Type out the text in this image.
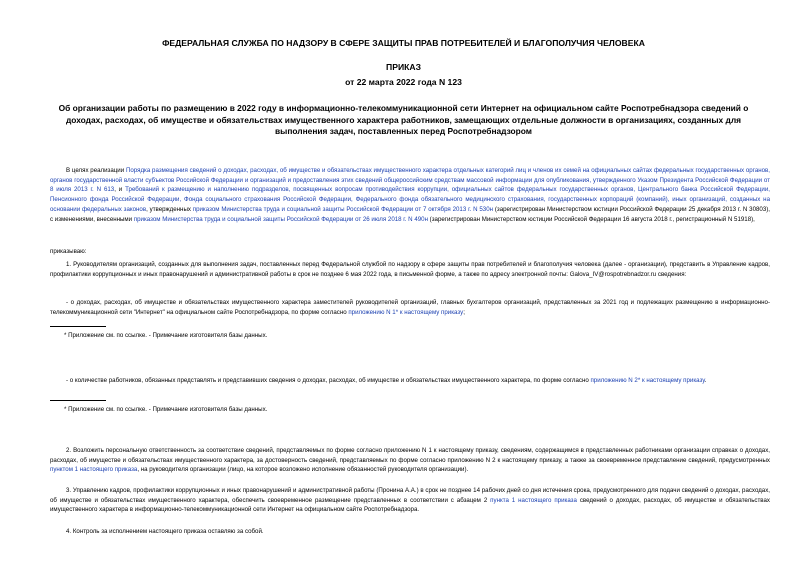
ФЕДЕРАЛЬНАЯ СЛУЖБА ПО НАДЗОРУ В СФЕРЕ ЗАЩИТЫ ПРАВ ПОТРЕБИТЕЛЕЙ И БЛАГОПОЛУЧИЯ ЧЕЛОВЕКА

ПРИКАЗ

от 22 марта 2022 года N 123

Об организации работы по размещению в 2022 году в информационно-телекоммуникационной сети Интернет на официальном сайте Роспотребнадзора сведений о доходах, расходах, об имуществе и обязательствах имущественного характера работников, замещающих отдельные должности в организациях, созданных для выполнения задач, поставленных перед Роспотребнадзором

В целях реализации Порядка размещения сведений о доходах, расходах, об имуществе и обязательствах имущественного характера отдельных категорий лиц и членов их семей на официальных сайтах федеральных государственных органов, органов государственной власти субъектов Российской Федерации и организаций и предоставления этих сведений общероссийским средствам массовой информации для опубликования, утвержденного Указом Президента Российской Федерации от 8 июля 2013 г. N 613, и Требований к размещению и наполнению подразделов, посвященных вопросам противодействия коррупции, официальных сайтов федеральных государственных органов, Центрального банка Российской Федерации, Пенсионного фонда Российской Федерации, Фонда социального страхования Российской Федерации, Федерального фонда обязательного медицинского страхования, государственных корпораций (компаний), иных организаций, созданных на основании федеральных законов, утвержденных приказом Министерства труда и социальной защиты Российской Федерации от 7 октября 2013 г. N 530н (зарегистрирован Министерством юстиции Российской Федерации 25 декабря 2013 г. N 30803), с изменениями, внесенными приказом Министерства труда и социальной защиты Российской Федерации от 26 июля 2018 г. N 490н (зарегистрирован Министерством юстиции Российской Федерации 16 августа 2018 г., регистрационный N 51918),

приказываю:

1. Руководителям организаций, созданных для выполнения задач, поставленных перед Федеральной службой по надзору в сфере защиты прав потребителей и благополучия человека (далее - организации), представить в Управление кадров, профилактики коррупционных и иных правонарушений и административной работы в срок не позднее 6 мая 2022 года, в письменной форме, а также по адресу электронной почты: Galova_IV@rospotrebnadzor.ru сведения:

- о доходах, расходах, об имуществе и обязательствах имущественного характера заместителей руководителей организаций, главных бухгалтеров организаций, представленных за 2021 год и подлежащих размещению в информационно-телекоммуникационной сети "Интернет" на официальном сайте Роспотребнадзора, по форме согласно приложению N 1* к настоящему приказу;

* Приложение см. по ссылке. - Примечание изготовителя базы данных.

- о количестве работников, обязанных представлять и представивших сведения о доходах, расходах, об имуществе и обязательствах имущественного характера, по форме согласно приложению N 2* к настоящему приказу.

* Приложение см. по ссылке. - Примечание изготовителя базы данных.

2. Возложить персональную ответственность за соответствие сведений, представляемых по форме согласно приложению N 1 к настоящему приказу, сведениям, содержащимся в представленных работниками организации справках о доходах, расходах, об имуществе и обязательствах имущественного характера, за достоверность сведений, представляемых по форме согласно приложению N 2 к настоящему приказу, а также за своевременное представление сведений, предусмотренных пунктом 1 настоящего приказа, на руководителя организации (лицо, на которое возложено исполнение обязанностей руководителя организации).

3. Управлению кадров, профилактики коррупционных и иных правонарушений и административной работы (Пронина А.А.) в срок не позднее 14 рабочих дней со дня истечения срока, предусмотренного для подачи сведений о доходах, расходах, об имуществе и обязательствах имущественного характера, обеспечить своевременное размещение представленных в соответствии с абзацем 2 пункта 1 настоящего приказа сведений о доходах, расходах, об имуществе и обязательствах имущественного характера в информационно-телекоммуникационной сети Интернет на официальном сайте Роспотребнадзора.

4. Контроль за исполнением настоящего приказа оставляю за собой.
